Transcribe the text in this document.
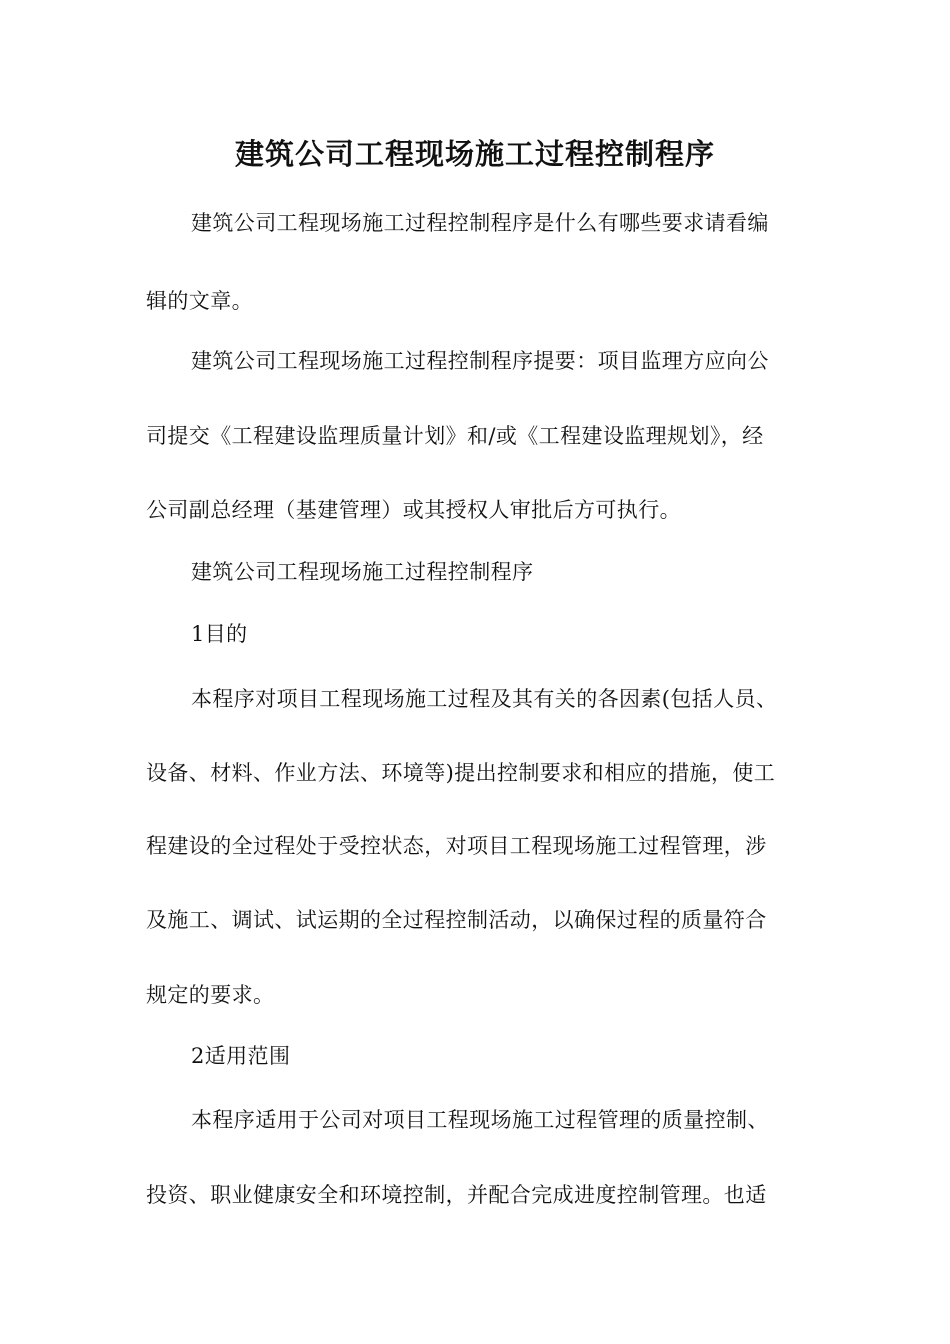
建筑公司工程现场施工过程控制程序
建筑公司工程现场施工过程控制程序是什么有哪些要求请看编
辑的文章。
建筑公司工程现场施工过程控制程序提要：项目监理方应向公
司提交《工程建设监理质量计划》和/或《工程建设监理规划》，经
公司副总经理（基建管理）或其授权人审批后方可执行。
建筑公司工程现场施工过程控制程序
1目的
本程序对项目工程现场施工过程及其有关的各因素(包括人员、
设备、材料、作业方法、环境等)提出控制要求和相应的措施，使工
程建设的全过程处于受控状态，对项目工程现场施工过程管理，涉
及施工、调试、试运期的全过程控制活动，以确保过程的质量符合
规定的要求。
2适用范围
本程序适用于公司对项目工程现场施工过程管理的质量控制、
投资、职业健康安全和环境控制，并配合完成进度控制管理。也适
